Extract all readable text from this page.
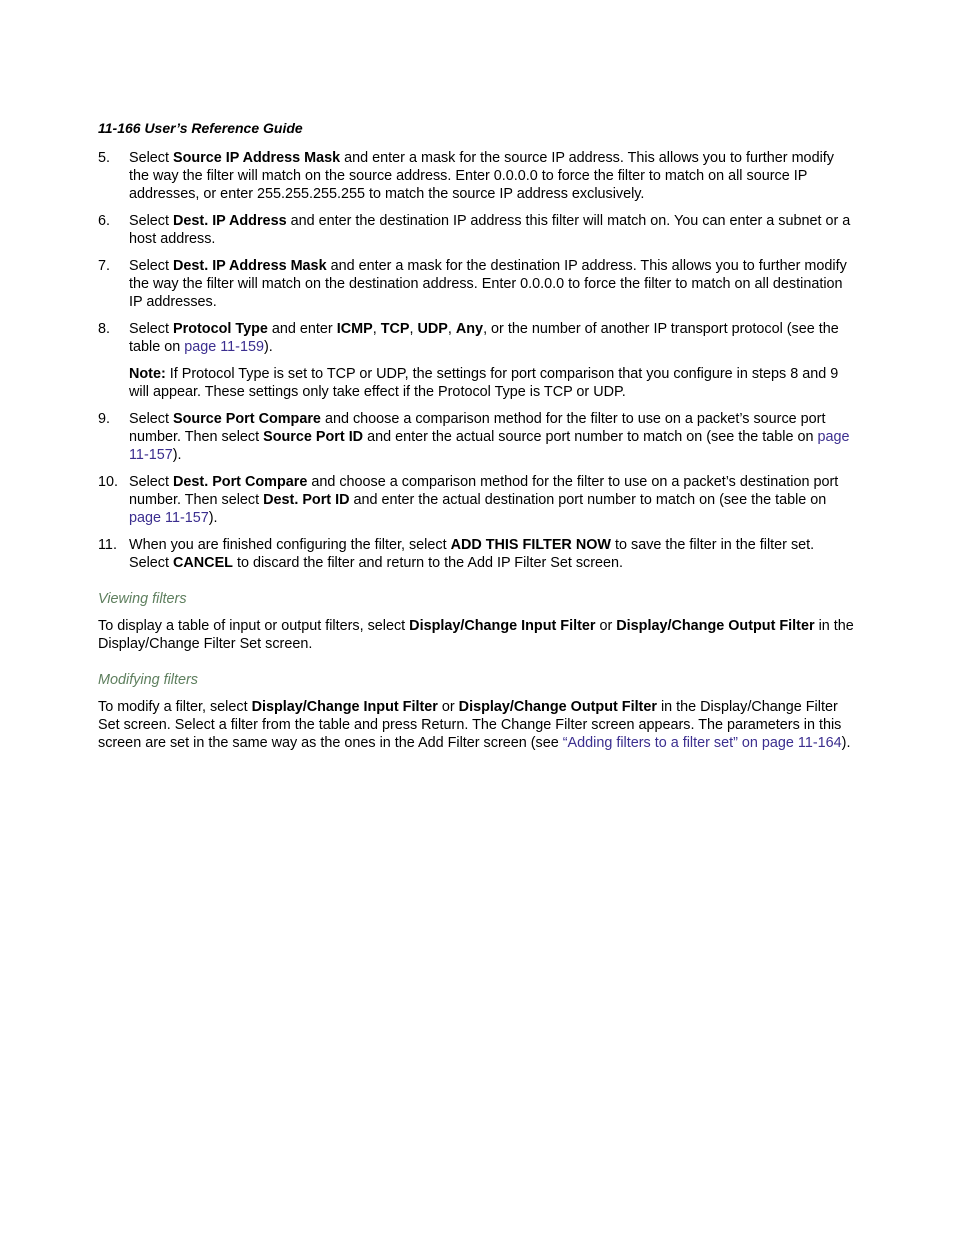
11-166 User’s Reference Guide
5. Select Source IP Address Mask and enter a mask for the source IP address. This allows you to further modify the way the filter will match on the source address. Enter 0.0.0.0 to force the filter to match on all source IP addresses, or enter 255.255.255.255 to match the source IP address exclusively.
6. Select Dest. IP Address and enter the destination IP address this filter will match on. You can enter a subnet or a host address.
7. Select Dest. IP Address Mask and enter a mask for the destination IP address. This allows you to further modify the way the filter will match on the destination address. Enter 0.0.0.0 to force the filter to match on all destination IP addresses.
8. Select Protocol Type and enter ICMP, TCP, UDP, Any, or the number of another IP transport protocol (see the table on page 11-159).
Note: If Protocol Type is set to TCP or UDP, the settings for port comparison that you configure in steps 8 and 9 will appear. These settings only take effect if the Protocol Type is TCP or UDP.
9. Select Source Port Compare and choose a comparison method for the filter to use on a packet’s source port number. Then select Source Port ID and enter the actual source port number to match on (see the table on page 11-157).
10. Select Dest. Port Compare and choose a comparison method for the filter to use on a packet’s destination port number. Then select Dest. Port ID and enter the actual destination port number to match on (see the table on page 11-157).
11. When you are finished configuring the filter, select ADD THIS FILTER NOW to save the filter in the filter set. Select CANCEL to discard the filter and return to the Add IP Filter Set screen.
Viewing filters

To display a table of input or output filters, select Display/Change Input Filter or Display/Change Output Filter in the Display/Change Filter Set screen.

Modifying filters

To modify a filter, select Display/Change Input Filter or Display/Change Output Filter in the Display/Change Filter Set screen. Select a filter from the table and press Return. The Change Filter screen appears. The parameters in this screen are set in the same way as the ones in the Add Filter screen (see “Adding filters to a filter set” on page 11-164).
